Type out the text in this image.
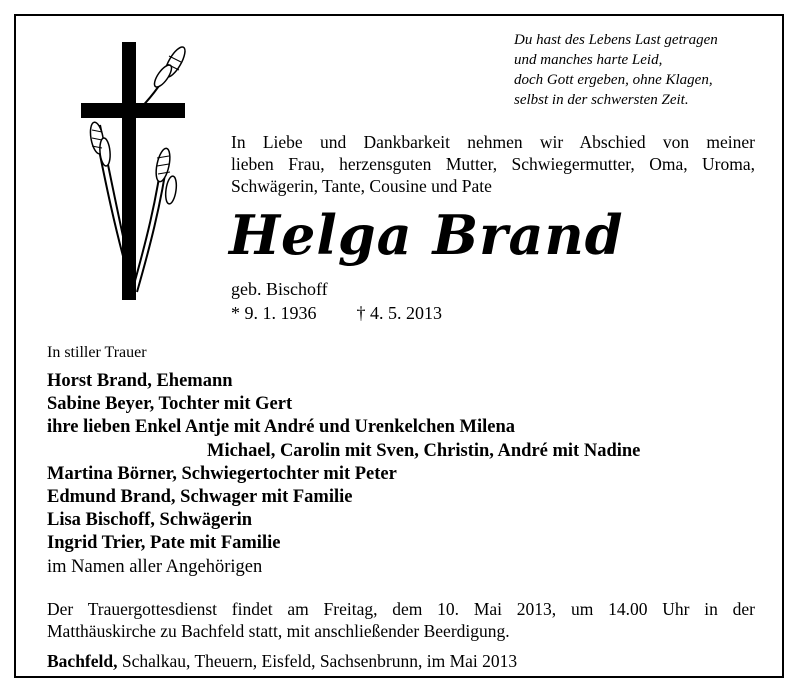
Du hast des Lebens Last getragen
und manches harte Leid,
doch Gott ergeben, ohne Klagen,
selbst in der schwersten Zeit.
In Liebe und Dankbarkeit nehmen wir Abschied von meiner
lieben Frau, herzensguten Mutter, Schwiegermutter, Oma, Uroma,
Schwägerin, Tante, Cousine und Pate
Helga Brand
geb. Bischoff
* 9. 1. 1936 † 4. 5. 2013
In stiller Trauer
Horst Brand, Ehemann
Sabine Beyer, Tochter mit Gert
ihre lieben Enkel Antje mit André und Urenkelchen Milena
Michael, Carolin mit Sven, Christin, André mit Nadine
Martina Börner, Schwiegertochter mit Peter
Edmund Brand, Schwager mit Familie
Lisa Bischoff, Schwägerin
Ingrid Trier, Pate mit Familie
im Namen aller Angehörigen
Der Trauergottesdienst findet am Freitag, dem 10. Mai 2013, um 14.00 Uhr in der
Matthäuskirche zu Bachfeld statt, mit anschließender Beerdigung.
Bachfeld, Schalkau, Theuern, Eisfeld, Sachsenbrunn, im Mai 2013
